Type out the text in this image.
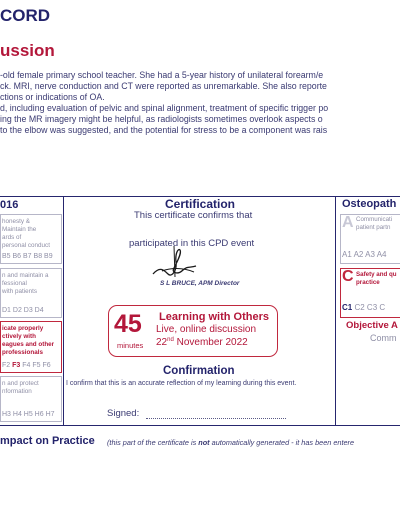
CORD
ussion
-old female primary school teacher. She had a 5-year history of unilateral forearm/e
ck. MRI, nerve conduction and CT were reported as unremarkable. She also reporte
ctions or indications of OA.
d, including evaluation of pelvic and spinal alignment, treatment of specific trigger po
ing the MR imagery might be helpful, as radiologists sometimes overlook aspects o
to the elbow was suggested, and the potential for stress to be a component was rais
016
honesty &
Maintain the
ards of
personal conduct
B5 B6 B7 B8 B9
n and maintain a
fessional
with patients
D1 D2 D3 D4
icate properly
ctively with
eagues and other
professionals
F2 F3 F4 F5 F6
n and protect
nformation
H3 H4 H5 H6 H7
Certification
This certificate confirms that
participated in this CPD event
S L BRUCE, APM Director
45
minutes
Learning with Others
Live, online discussion
22nd November 2022
Confirmation
I confirm that this is an accurate reflection of my learning during this event.
Signed:
Osteopath
A Communicati
patient partn
A1 A2 A3 A4
C Safety and qu
practice
C1 C2 C3 C
Objective A
Comm
mpact on Practice (this part of the certificate is not automatically generated - it has been entere
